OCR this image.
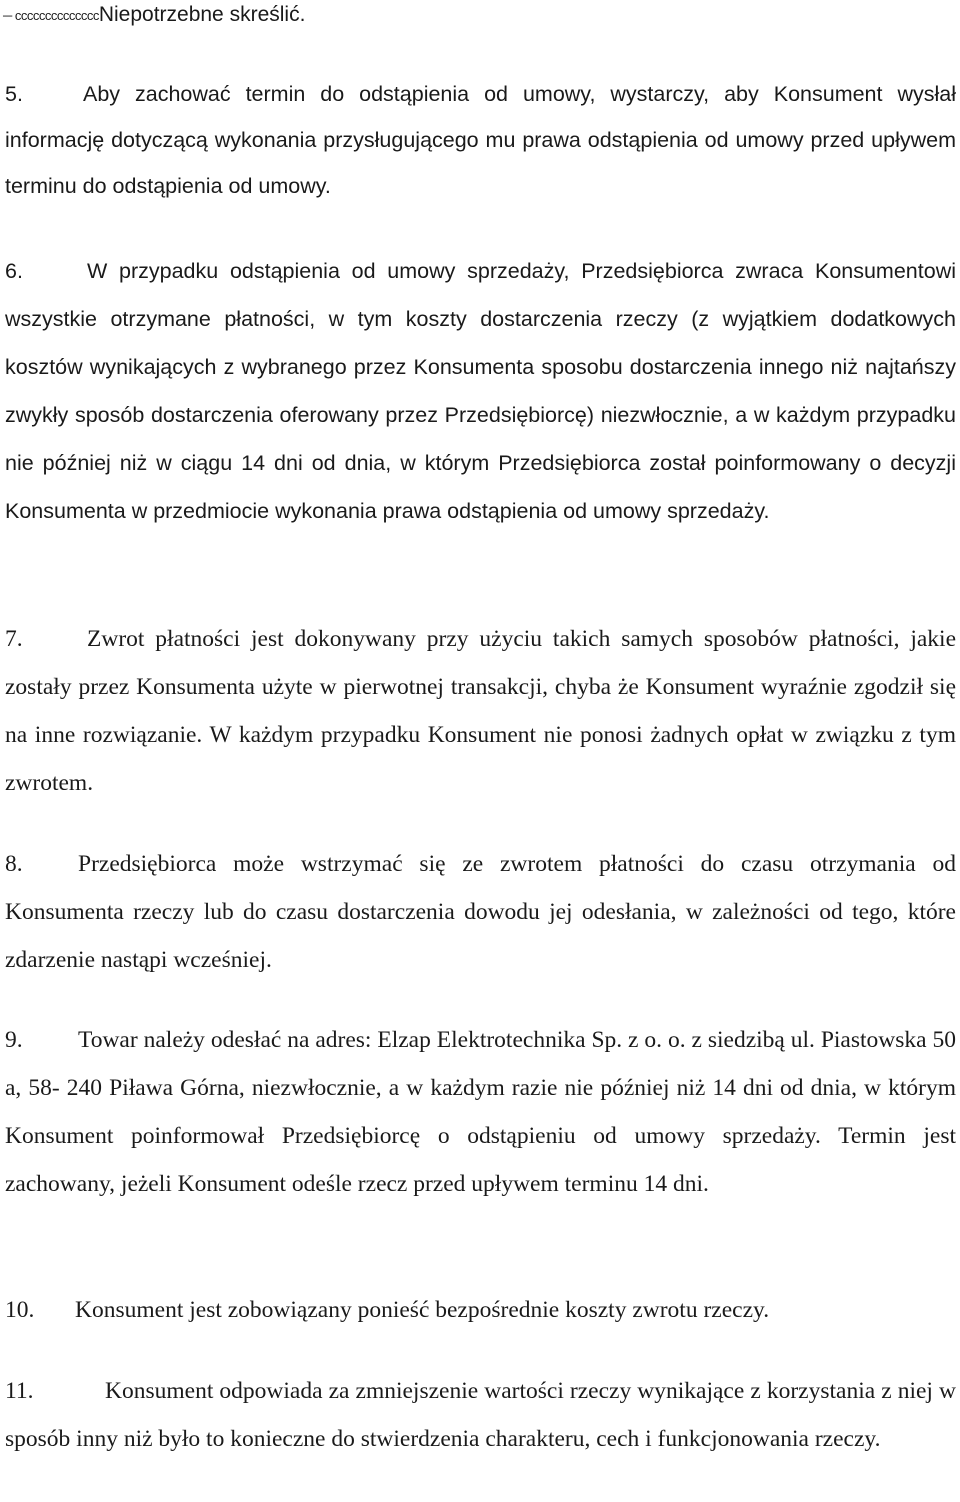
─ ccccccccccccccNiepotrzebne skreślić.

5.	Aby zachować termin do odstąpienia od umowy, wystarczy, aby Konsument wysłał informację dotyczącą wykonania przysługującego mu prawa odstąpienia od umowy przed upływem terminu do odstąpienia od umowy.

6.	W przypadku odstąpienia od umowy sprzedaży, Przedsiębiorca zwraca Konsumentowi wszystkie otrzymane płatności, w tym koszty dostarczenia rzeczy (z wyjątkiem dodatkowych kosztów wynikających z wybranego przez Konsumenta sposobu dostarczenia innego niż najtańszy zwykły sposób dostarczenia oferowany przez Przedsiębiorcę) niezwłocznie, a w każdym przypadku nie później niż w ciągu 14 dni od dnia, w którym Przedsiębiorca został poinformowany o decyzji Konsumenta w przedmiocie wykonania prawa odstąpienia od umowy sprzedaży.

7.	Zwrot płatności jest dokonywany przy użyciu takich samych sposobów płatności, jakie zostały przez Konsumenta użyte w pierwotnej transakcji, chyba że Konsument wyraźnie zgodził się na inne rozwiązanie. W każdym przypadku Konsument nie ponosi żadnych opłat w związku z tym zwrotem.

8. Przedsiębiorca może wstrzymać się ze zwrotem płatności do czasu otrzymania od Konsumenta rzeczy lub do czasu dostarczenia dowodu jej odesłania, w zależności od tego, które zdarzenie nastąpi wcześniej.

9. Towar należy odesłać na adres: Elzap Elektrotechnika Sp. z o. o. z siedzibą ul. Piastowska 50 a, 58- 240 Piława Górna, niezwłocznie, a w każdym razie nie później niż 14 dni od dnia, w którym Konsument poinformował Przedsiębiorcę o odstąpieniu od umowy sprzedaży. Termin jest zachowany, jeżeli Konsument odeśle rzecz przed upływem terminu 14 dni.

10. Konsument jest zobowiązany ponieść bezpośrednie koszty zwrotu rzeczy.

11.	Konsument odpowiada za zmniejszenie wartości rzeczy wynikające z korzystania z niej w sposób inny niż było to konieczne do stwierdzenia charakteru, cech i funkcjonowania rzeczy.
